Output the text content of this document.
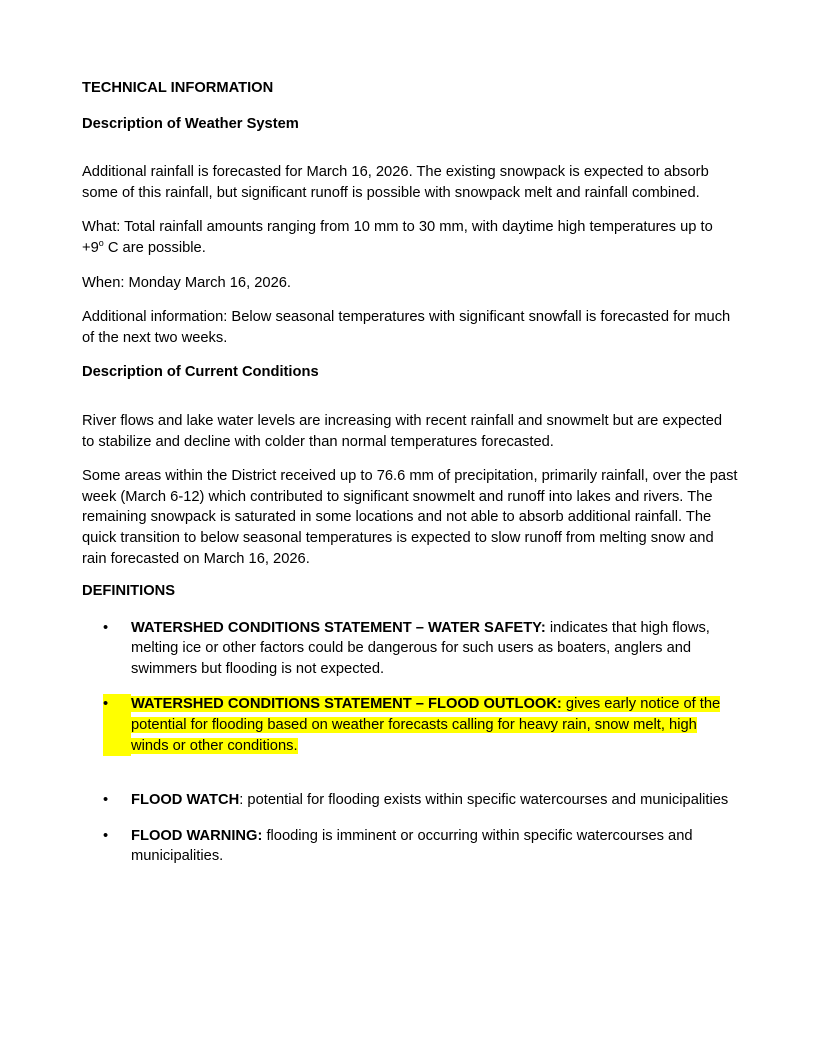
TECHNICAL INFORMATION
Description of Weather System

Additional rainfall is forecasted for March 16, 2026. The existing snowpack is expected to absorb some of this rainfall, but significant runoff is possible with snowpack melt and rainfall combined.

What: Total rainfall amounts ranging from 10 mm to 30 mm, with daytime high temperatures up to $+9^o$ C are possible.

When: Monday March 16, 2026.

Additional information: Below seasonal temperatures with significant snowfall is forecasted for much of the next two weeks.

Description of Current Conditions

River flows and lake water levels are increasing with recent rainfall and snowmelt but are expected to stabilize and decline with colder than normal temperatures forecasted.

Some areas within the District received up to 76.6 mm of precipitation, primarily rainfall, over the past week (March 6-12) which contributed to significant snowmelt and runoff into lakes and rivers. The remaining snowpack is saturated in some locations and not able to absorb additional rainfall. The quick transition to below seasonal temperatures is expected to slow runoff from melting snow and rain forecasted on March 16, 2026.

DEFINITIONS
•	WATERSHED CONDITIONS STATEMENT – WATER SAFETY: indicates that high flows, melting ice or other factors could be dangerous for such users as boaters, anglers and swimmers but flooding is not expected.
•	WATERSHED CONDITIONS STATEMENT – FLOOD OUTLOOK: gives early notice of the potential for flooding based on weather forecasts calling for heavy rain, snow melt, high winds or other conditions.
•	FLOOD WATCH: potential for flooding exists within specific watercourses and municipalities
•	FLOOD WARNING: flooding is imminent or occurring within specific watercourses and municipalities.
